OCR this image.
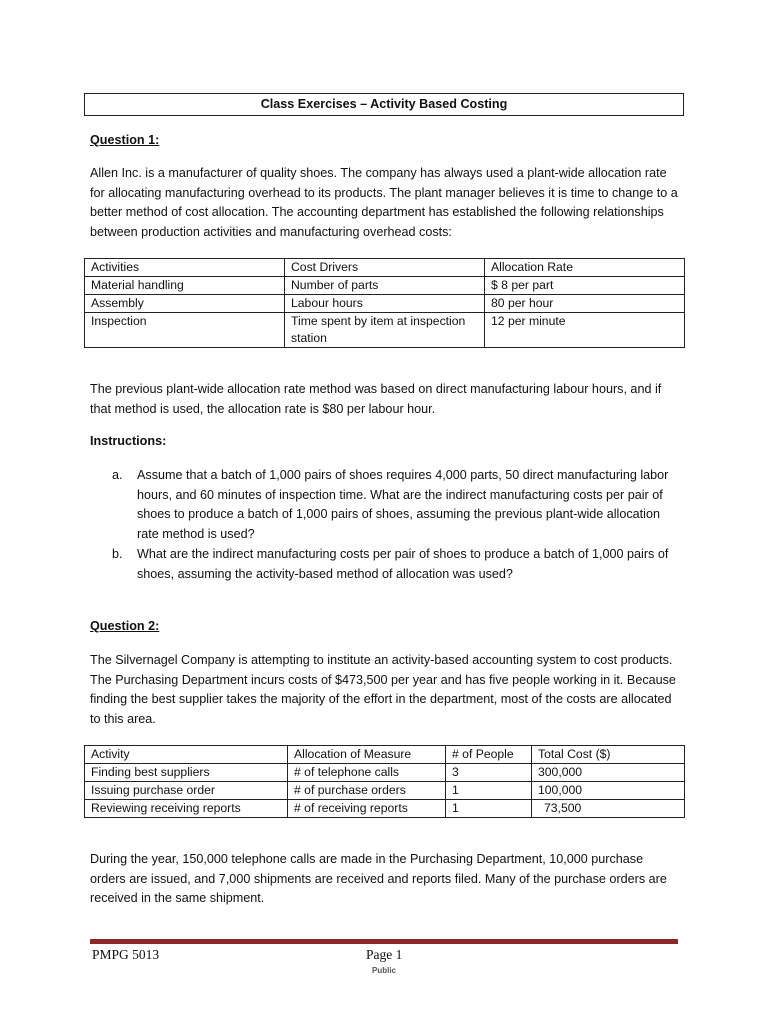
Class Exercises – Activity Based Costing
Question 1:
Allen Inc. is a manufacturer of quality shoes. The company has always used a plant-wide allocation rate for allocating manufacturing overhead to its products. The plant manager believes it is time to change to a better method of cost allocation. The accounting department has established the following relationships between production activities and manufacturing overhead costs:
Activities	Cost Drivers	Allocation Rate
Material handling	Number of parts	$ 8 per part
Assembly	Labour hours	80 per hour
Inspection	Time spent by item at inspection station	12 per minute
The previous plant-wide allocation rate method was based on direct manufacturing labour hours, and if that method is used, the allocation rate is $80 per labour hour.
Instructions:
a.	Assume that a batch of 1,000 pairs of shoes requires 4,000 parts, 50 direct manufacturing labor hours, and 60 minutes of inspection time. What are the indirect manufacturing costs per pair of shoes to produce a batch of 1,000 pairs of shoes, assuming the previous plant-wide allocation rate method is used?
b.	What are the indirect manufacturing costs per pair of shoes to produce a batch of 1,000 pairs of shoes, assuming the activity-based method of allocation was used?
Question 2:
The Silvernagel Company is attempting to institute an activity-based accounting system to cost products. The Purchasing Department incurs costs of $473,500 per year and has five people working in it. Because finding the best supplier takes the majority of the effort in the department, most of the costs are allocated to this area.
Activity	Allocation of Measure	# of People	Total Cost ($)
Finding best suppliers	# of telephone calls	3	300,000
Issuing purchase order	# of purchase orders	1	100,000
Reviewing receiving reports	# of receiving reports	1	73,500
During the year, 150,000 telephone calls are made in the Purchasing Department, 10,000 purchase orders are issued, and 7,000 shipments are received and reports filed. Many of the purchase orders are received in the same shipment.
PMPG 5013	Page 1
Public
